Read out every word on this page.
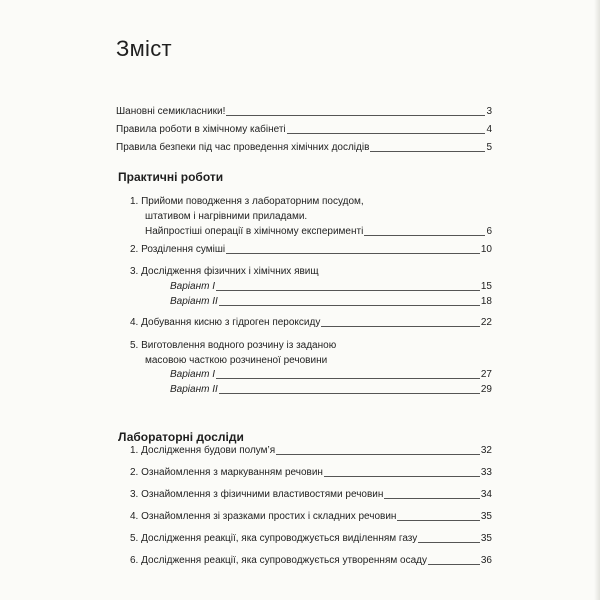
Зміст
Шановні семикласники!	3
Правила роботи в хімічному кабінеті	4
Правила безпеки під час проведення хімічних дослідів	5
Практичні роботи
1. Прийоми поводження з лабораторним посудом,
штативом і нагрівними приладами.
Найпростіші операції в хімічному експерименті	6
2. Розділення суміші	10
3. Дослідження фізичних і хімічних явищ
Варіант І	15
Варіант ІІ	18
4. Добування кисню з гідроген пероксиду	22
5. Виготовлення водного розчину із заданою
масовою часткою розчиненої речовини
Варіант І	27
Варіант ІІ	29
Лабораторні досліди
1. Дослідження будови полум’я	32
2. Ознайомлення з маркуванням речовин	33
3. Ознайомлення з фізичними властивостями речовин	34
4. Ознайомлення зі зразками простих і складних речовин	35
5. Дослідження реакції, яка супроводжується виділенням газу	35
6. Дослідження реакції, яка супроводжується утворенням осаду	36
